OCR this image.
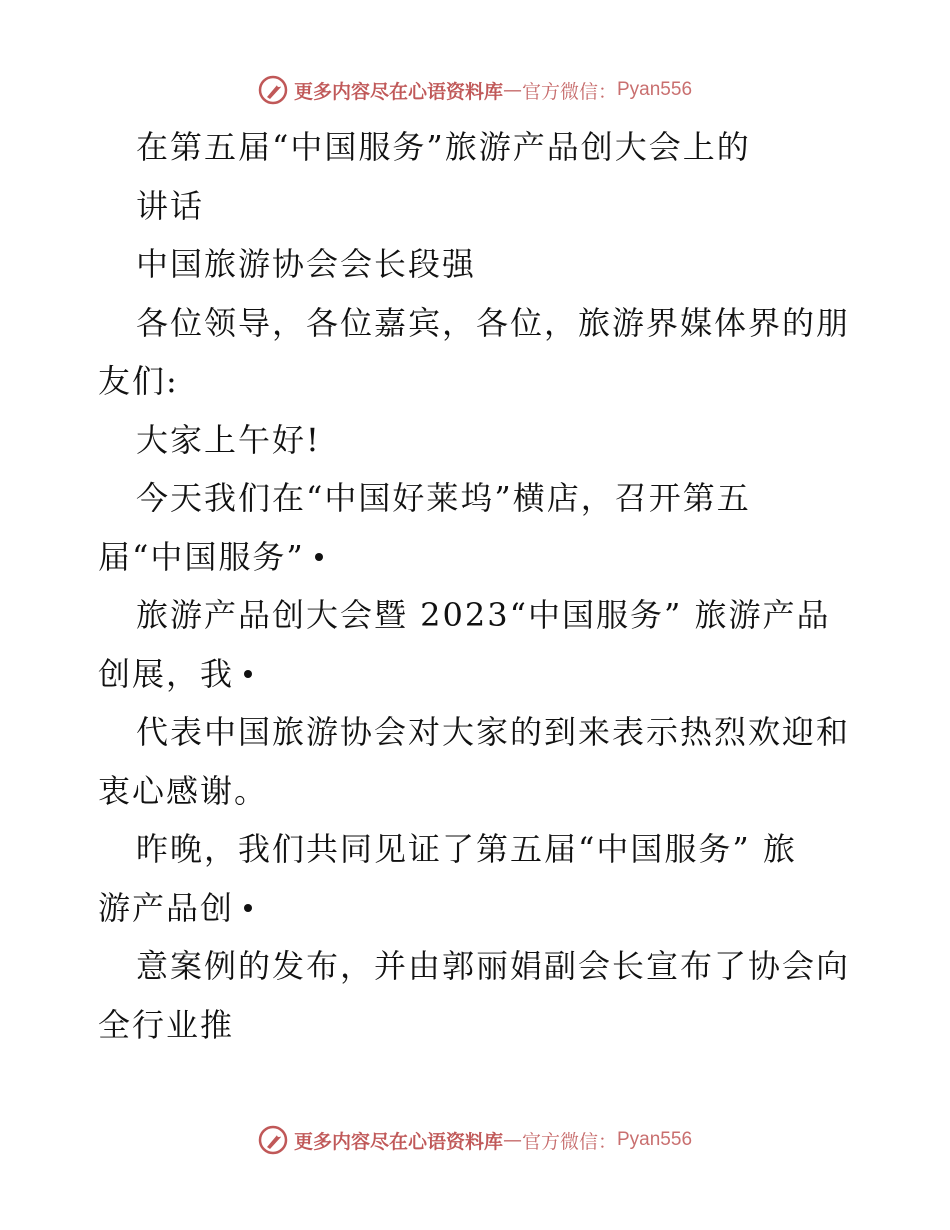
更多内容尽在心语资料库 — 官方微信： Pyan556
在第五届“中国服务”旅游产品创大会上的
讲话
中国旅游协会会长段强
各位领导，各位嘉宾，各位，旅游界媒体界的朋
友们:
大家上午好!
今天我们在“中国好莱坞”横店，召开第五
届“中国服务”
旅游产品创大会暨 2023“中国服务” 旅游产品
创展，我
代表中国旅游协会对大家的到来表示热烈欢迎和
衷心感谢。
昨晚，我们共同见证了第五届“中国服务” 旅
游产品创
意案例的发布，并由郭丽娟副会长宣布了协会向
全行业推
更多内容尽在心语资料库 — 官方微信： Pyan556
